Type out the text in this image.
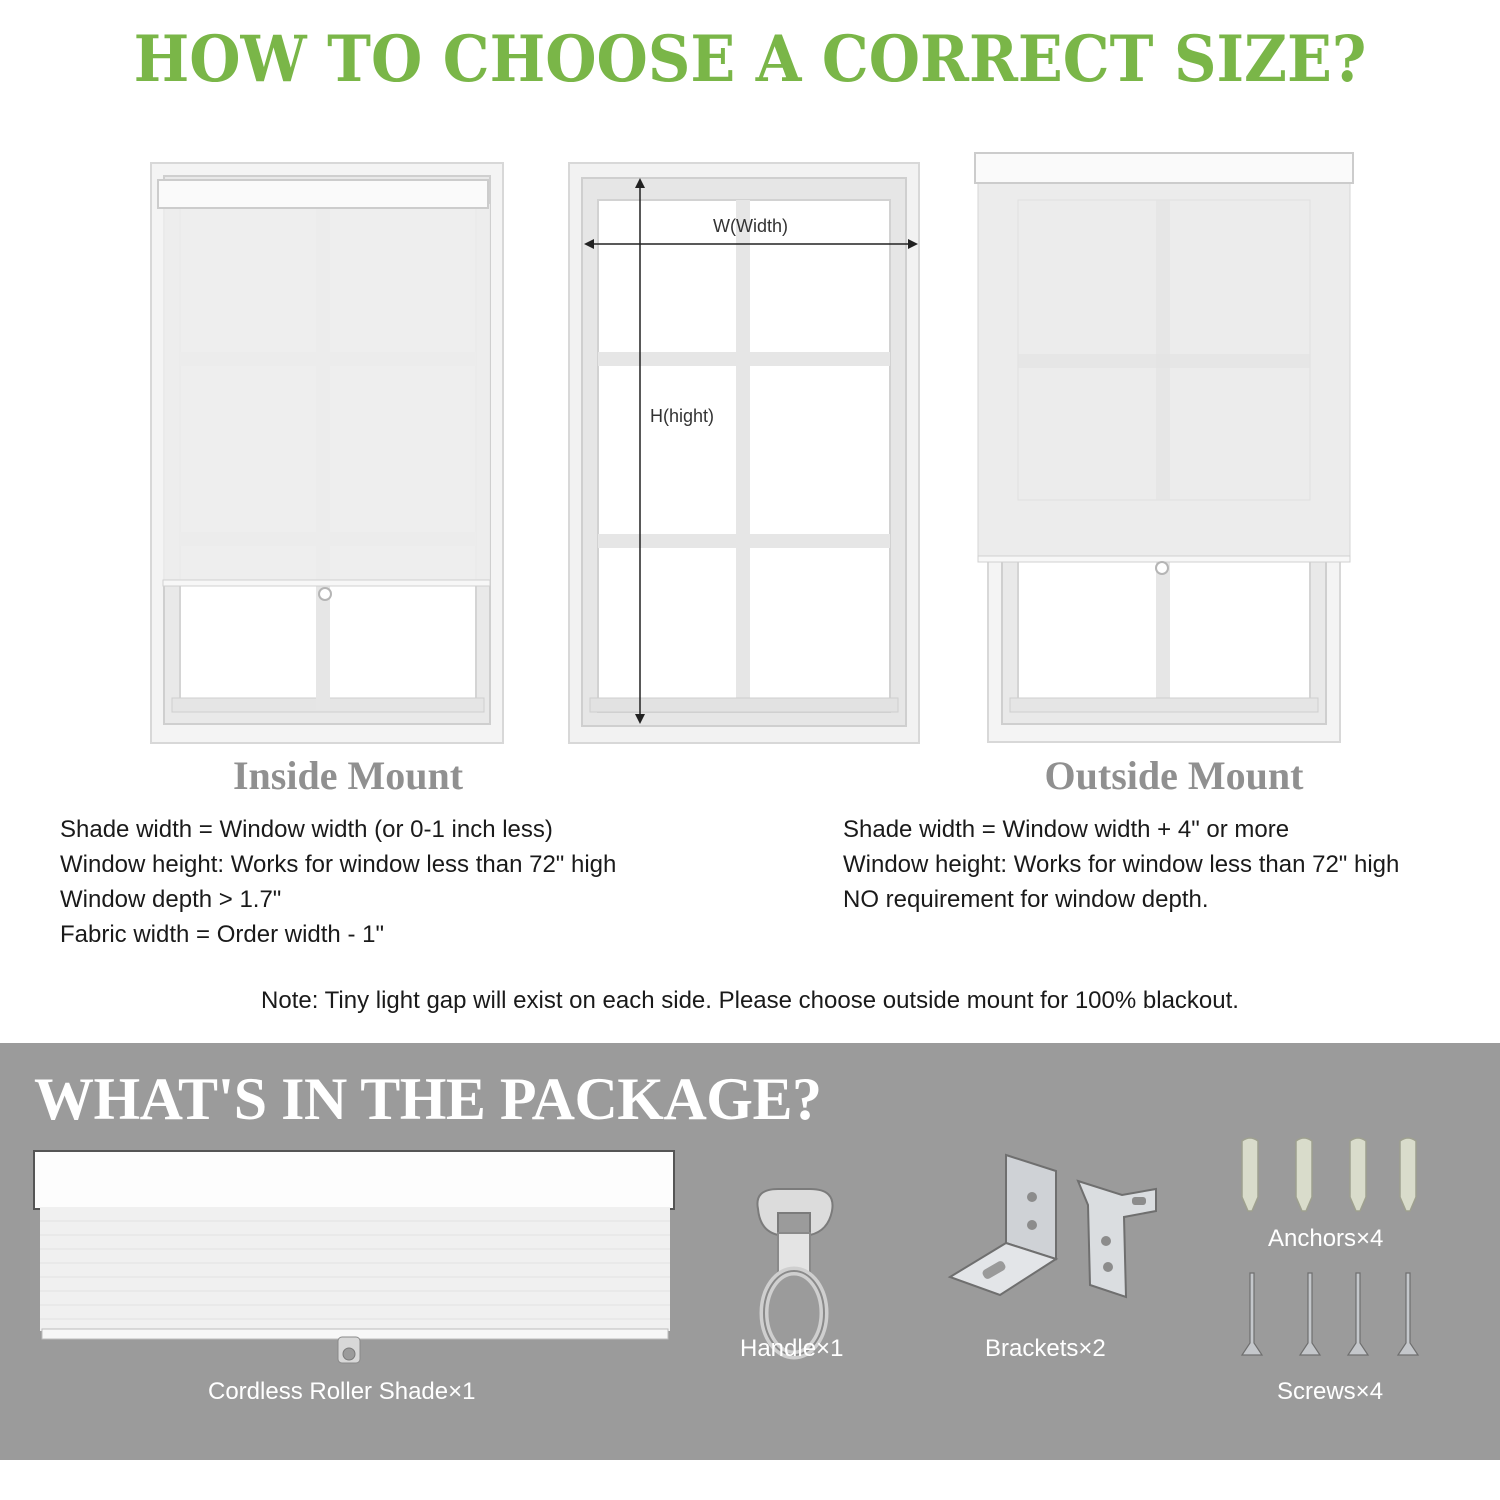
HOW TO CHOOSE A CORRECT SIZE?
W(Width)
H(hight)
Inside Mount	Outside Mount
Shade width = Window width (or 0-1 inch less)
Window height: Works for window less than 72" high
Window depth > 1.7"
Fabric width = Order width - 1"
Shade width = Window width + 4" or more
Window height: Works for window less than 72" high
NO requirement for window depth.
Note: Tiny light gap will exist on each side. Please choose outside mount for 100% blackout.
WHAT'S IN THE PACKAGE?
Cordless Roller Shade×1
Handle×1	Brackets×2
Anchors×4
Screws×4
